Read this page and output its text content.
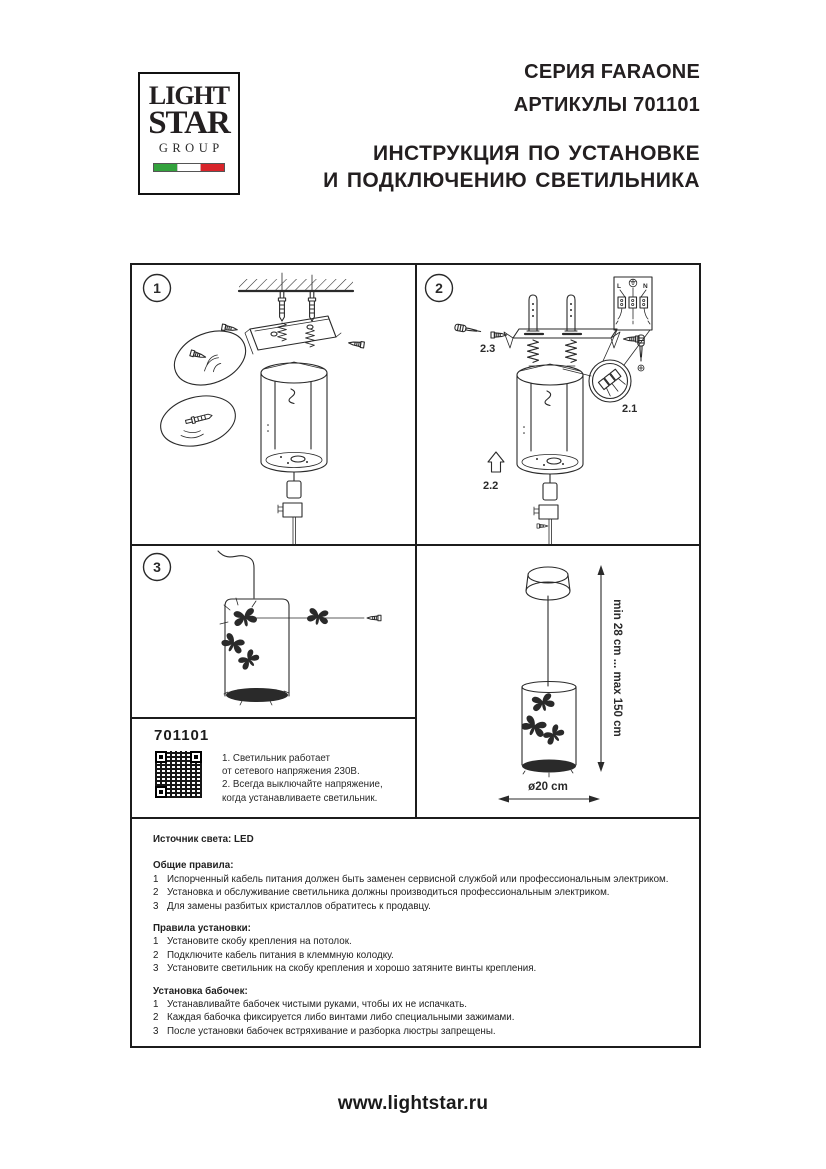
LIGHT
STAR
GROUP
СЕРИЯ FARAONE
АРТИКУЛЫ 701101
ИНСТРУКЦИЯ ПО УСТАНОВКЕ
И ПОДКЛЮЧЕНИЮ СВЕТИЛЬНИКА
1	2
2.3
2.2
2.1
L	N
3
min 28 cm ... max 150 cm
ø20 cm
701101
1. Светильник работает
от сетевого напряжения 230В.
2. Всегда выключайте напряжение,
когда устанавливаете светильник.
Источник света: LED
Общие правила:
1 Испорченный кабель питания должен быть заменен сервисной службой или профессиональным электриком.
2 Установка и обслуживание светильника должны производиться профессиональным электриком.
3 Для замены разбитых кристаллов обратитесь к продавцу.
Правила установки:
1 Установите скобу крепления на потолок.
2 Подключите кабель питания в клеммную колодку.
3 Установите светильник на скобу крепления и хорошо затяните винты крепления.
Установка бабочек:
1 Устанавливайте бабочек чистыми руками, чтобы их не испачкать.
2 Каждая бабочка фиксируется либо винтами либо специальными зажимами.
3 После установки бабочек встряхивание и разборка люстры запрещены.
www.lightstar.ru
